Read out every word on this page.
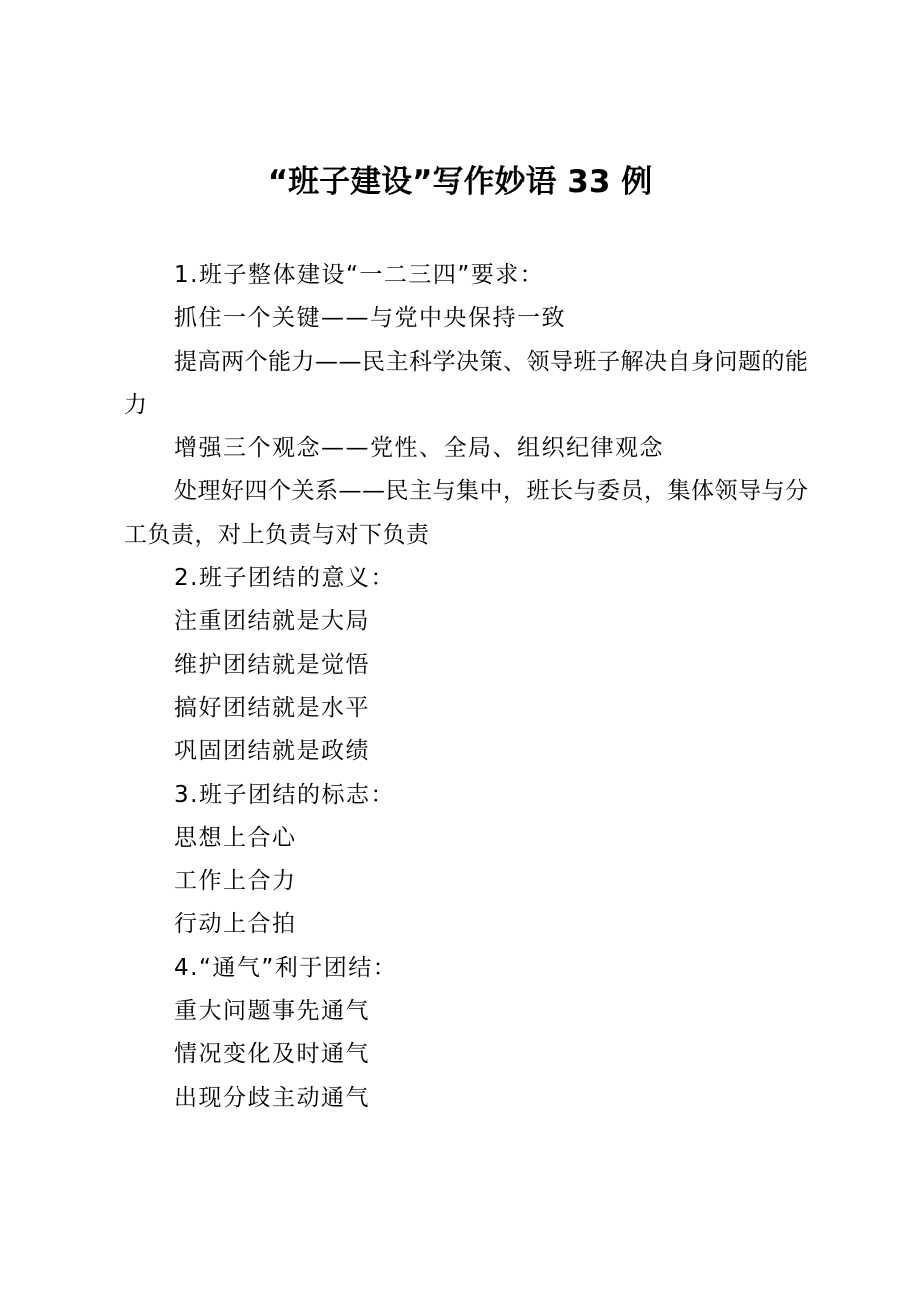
“班子建设”写作妙语 33 例

1.班子整体建设“一二三四”要求：

抓住一个关键——与党中央保持一致

提高两个能力——民主科学决策、领导班子解决自身问题的能力

增强三个观念——党性、全局、组织纪律观念

处理好四个关系——民主与集中，班长与委员，集体领导与分工负责，对上负责与对下负责

2.班子团结的意义：

注重团结就是大局

维护团结就是觉悟

搞好团结就是水平

巩固团结就是政绩

3.班子团结的标志：

思想上合心

工作上合力

行动上合拍

4.“通气”利于团结：

重大问题事先通气

情况变化及时通气

出现分歧主动通气
